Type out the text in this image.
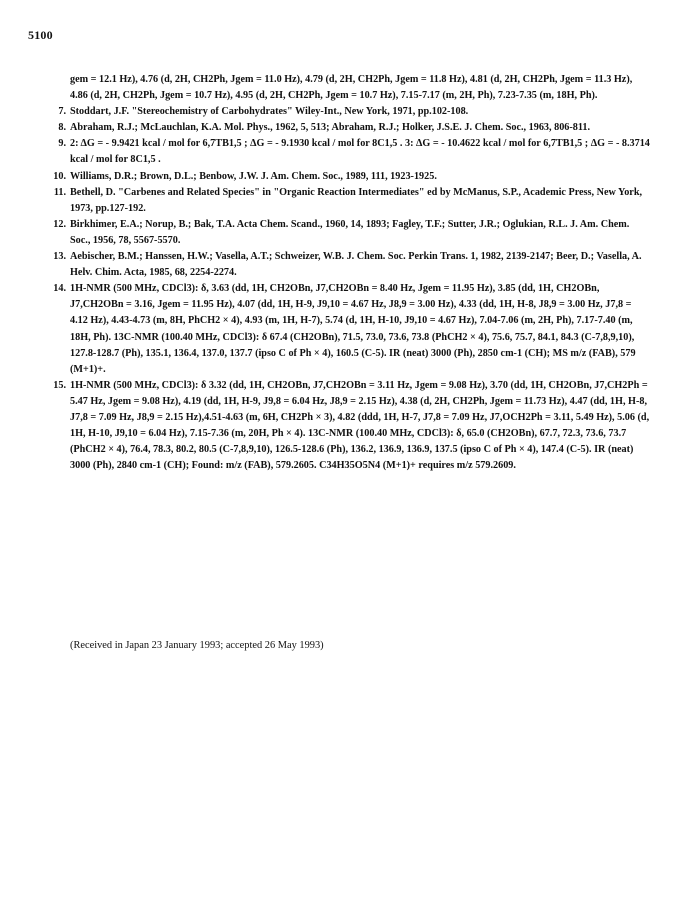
5100
gem = 12.1 Hz), 4.76 (d, 2H, CH2Ph, Jgem = 11.0 Hz), 4.79 (d, 2H, CH2Ph, Jgem = 11.8 Hz), 4.81 (d, 2H, CH2Ph, Jgem = 11.3 Hz), 4.86 (d, 2H, CH2Ph, Jgem = 10.7 Hz), 4.95 (d, 2H, CH2Ph, Jgem = 10.7 Hz), 7.15-7.17 (m, 2H, Ph), 7.23-7.35 (m, 18H, Ph).
7. Stoddart, J.F. "Stereochemistry of Carbohydrates" Wiley-Int., New York, 1971, pp.102-108.
8. Abraham, R.J.; McLauchlan, K.A. Mol. Phys., 1962, 5, 513; Abraham, R.J.; Holker, J.S.E. J. Chem. Soc., 1963, 806-811.
9. 2: ΔG = - 9.9421 kcal / mol for 6,7TB1,5 ; ΔG = - 9.1930 kcal / mol for 8C1,5 . 3: ΔG = - 10.4622 kcal / mol for 6,7TB1,5 ; ΔG = - 8.3714 kcal / mol for 8C1,5 .
10. Williams, D.R.; Brown, D.L.; Benbow, J.W. J. Am. Chem. Soc., 1989, 111, 1923-1925.
11. Bethell, D. "Carbenes and Related Species" in "Organic Reaction Intermediates" ed by McManus, S.P., Academic Press, New York, 1973, pp.127-192.
12. Birkhimer, E.A.; Norup, B.; Bak, T.A. Acta Chem. Scand., 1960, 14, 1893; Fagley, T.F.; Sutter, J.R.; Oglukian, R.L. J. Am. Chem. Soc., 1956, 78, 5567-5570.
13. Aebischer, B.M.; Hanssen, H.W.; Vasella, A.T.; Schweizer, W.B. J. Chem. Soc. Perkin Trans. 1, 1982, 2139-2147; Beer, D.; Vasella, A. Helv. Chim. Acta, 1985, 68, 2254-2274.
14. 1H-NMR (500 MHz, CDCl3): δ, 3.63 (dd, 1H, CH2OBn, J7,CH2OBn = 8.40 Hz, Jgem = 11.95 Hz), 3.85 (dd, 1H, CH2OBn, J7,CH2OBn = 3.16, Jgem = 11.95 Hz), 4.07 (dd, 1H, H-9, J9,10 = 4.67 Hz, J8,9 = 3.00 Hz), 4.33 (dd, 1H, H-8, J8,9 = 3.00 Hz, J7,8 = 4.12 Hz), 4.43-4.73 (m, 8H, PhCH2 × 4), 4.93 (m, 1H, H-7), 5.74 (d, 1H, H-10, J9,10 = 4.67 Hz), 7.04-7.06 (m, 2H, Ph), 7.17-7.40 (m, 18H, Ph). 13C-NMR (100.40 MHz, CDCl3): δ 67.4 (CH2OBn), 71.5, 73.0, 73.6, 73.8 (PhCH2 × 4), 75.6, 75.7, 84.1, 84.3 (C-7,8,9,10), 127.8-128.7 (Ph), 135.1, 136.4, 137.0, 137.7 (ipso C of Ph × 4), 160.5 (C-5). IR (neat) 3000 (Ph), 2850 cm-1 (CH); MS m/z (FAB), 579 (M+1)+.
15. 1H-NMR (500 MHz, CDCl3): δ 3.32 (dd, 1H, CH2OBn, J7,CH2OBn = 3.11 Hz, Jgem = 9.08 Hz), 3.70 (dd, 1H, CH2OBn, J7,CH2Ph = 5.47 Hz, Jgem = 9.08 Hz), 4.19 (dd, 1H, H-9, J9,8 = 6.04 Hz, J8,9 = 2.15 Hz), 4.38 (d, 2H, CH2Ph, Jgem = 11.73 Hz), 4.47 (dd, 1H, H-8, J7,8 = 7.09 Hz, J8,9 = 2.15 Hz),4.51-4.63 (m, 6H, CH2Ph × 3), 4.82 (ddd, 1H, H-7, J7,8 = 7.09 Hz, J7,OCH2Ph = 3.11, 5.49 Hz), 5.06 (d, 1H, H-10, J9,10 = 6.04 Hz), 7.15-7.36 (m, 20H, Ph × 4). 13C-NMR (100.40 MHz, CDCl3): δ, 65.0 (CH2OBn), 67.7, 72.3, 73.6, 73.7 (PhCH2 × 4), 76.4, 78.3, 80.2, 80.5 (C-7,8,9,10), 126.5-128.6 (Ph), 136.2, 136.9, 136.9, 137.5 (ipso C of Ph × 4), 147.4 (C-5). IR (neat) 3000 (Ph), 2840 cm-1 (CH); Found: m/z (FAB), 579.2605. C34H35O5N4 (M+1)+ requires m/z 579.2609.
(Received in Japan 23 January 1993; accepted 26 May 1993)
